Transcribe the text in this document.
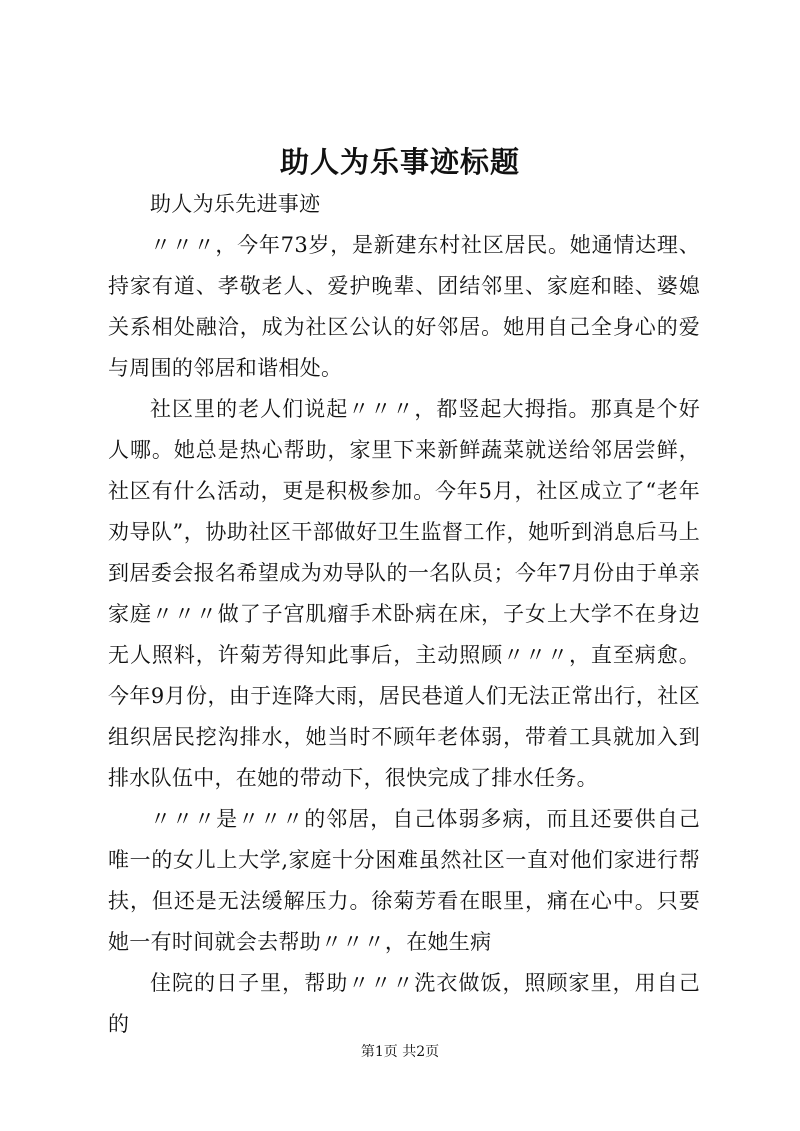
助人为乐事迹标题

助人为乐先进事迹

〃〃〃，今年73岁，是新建东村社区居民。她通情达理、持家有道、孝敬老人、爱护晚辈、团结邻里、家庭和睦、婆媳关系相处融洽，成为社区公认的好邻居。她用自己全身心的爱与周围的邻居和谐相处。

社区里的老人们说起〃〃〃，都竖起大拇指。那真是个好人哪。她总是热心帮助，家里下来新鲜蔬菜就送给邻居尝鲜，社区有什么活动，更是积极参加。今年5月，社区成立了“老年劝导队”，协助社区干部做好卫生监督工作，她听到消息后马上到居委会报名希望成为劝导队的一名队员；今年7月份由于单亲家庭〃〃〃做了子宫肌瘤手术卧病在床，子女上大学不在身边无人照料，许菊芳得知此事后，主动照顾〃〃〃，直至病愈。今年9月份，由于连降大雨，居民巷道人们无法正常出行，社区组织居民挖沟排水，她当时不顾年老体弱，带着工具就加入到排水队伍中，在她的带动下，很快完成了排水任务。

〃〃〃是〃〃〃的邻居，自己体弱多病，而且还要供自己唯一的女儿上大学,家庭十分困难虽然社区一直对他们家进行帮扶，但还是无法缓解压力。徐菊芳看在眼里，痛在心中。只要她一有时间就会去帮助〃〃〃，在她生病

住院的日子里，帮助〃〃〃洗衣做饭，照顾家里，用自己的

第1页 共2页
